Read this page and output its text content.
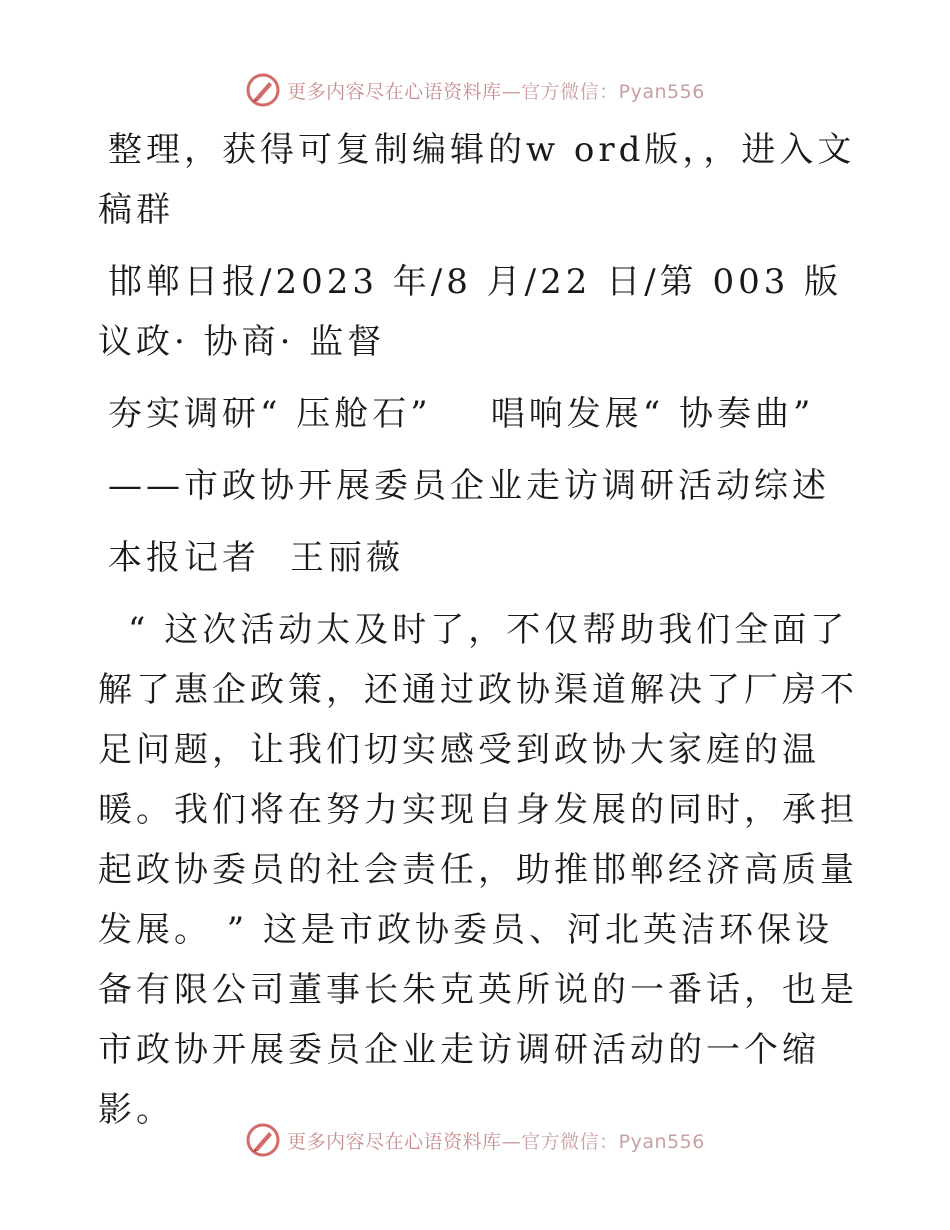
更多内容尽在心语资料库—官方微信：Pyan556

整理，获得可复制编辑的w ord版，，进入文稿群

邯郸日报/2023 年/8 月/22 日/第 003 版议政· 协商· 监督

夯实调研“ 压舱石”    唱响发展“ 协奏曲”

——市政协开展委员企业走访调研活动综述

本报记者 王丽薇

“ 这次活动太及时了，不仅帮助我们全面了解了惠企政策，还通过政协渠道解决了厂房不足问题，让我们切实感受到政协大家庭的温暖。我们将在努力实现自身发展的同时，承担起政协委员的社会责任，助推邯郸经济高质量发展。 ” 这是市政协委员、河北英洁环保设备有限公司董事长朱克英所说的一番话，也是市政协开展委员企业走访调研活动的一个缩影。

更多内容尽在心语资料库—官方微信：Pyan556
